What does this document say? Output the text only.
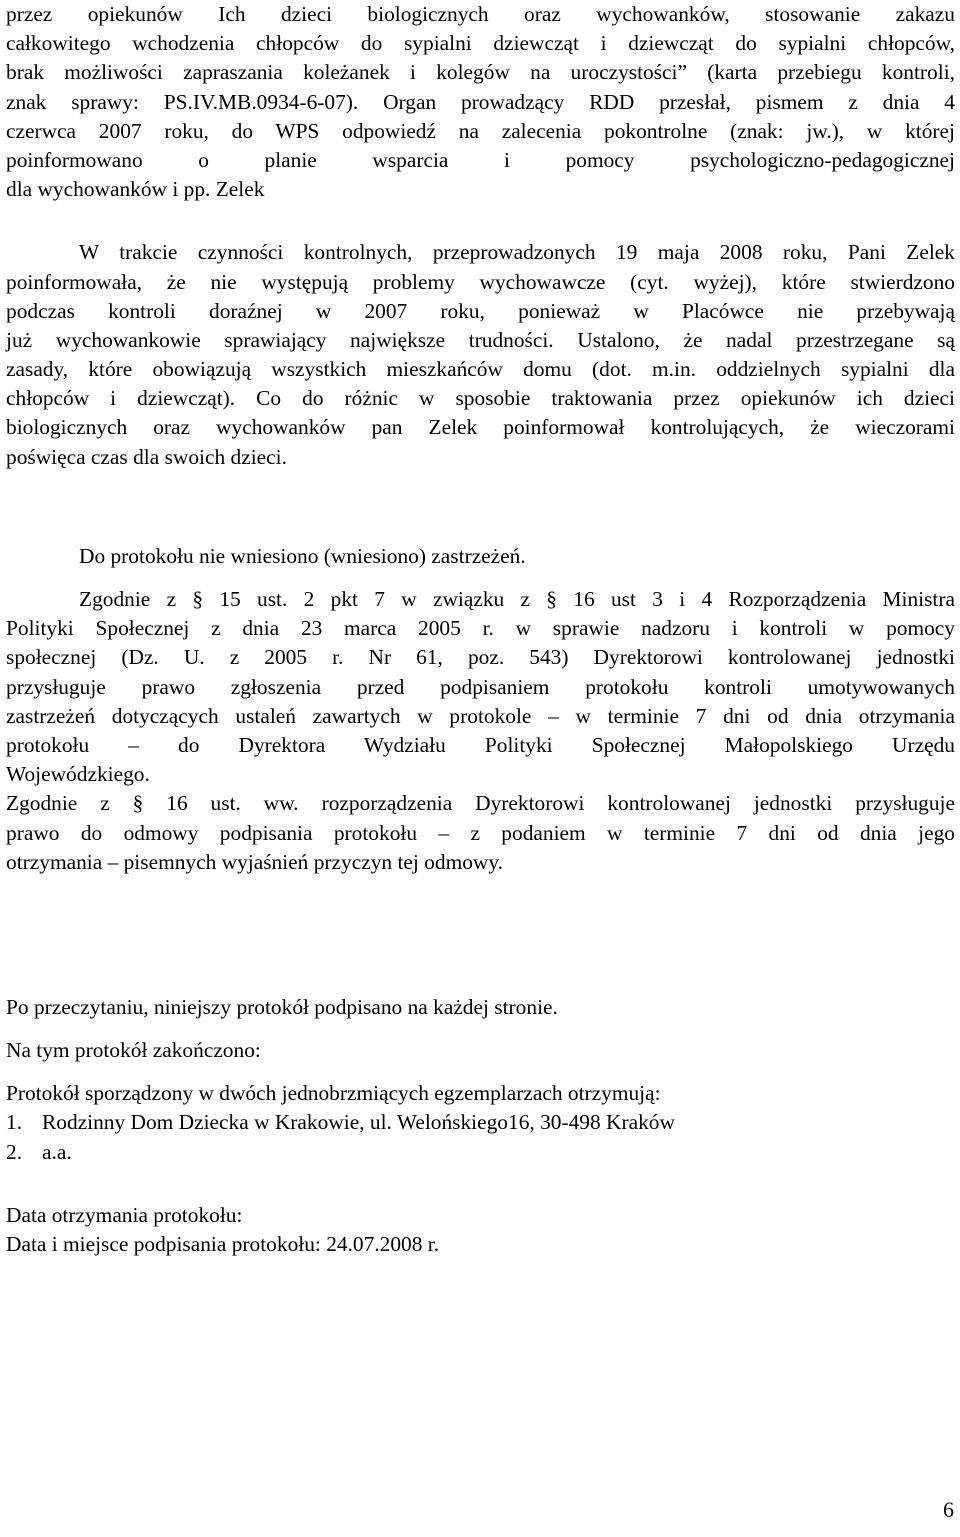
przez opiekunów Ich dzieci biologicznych oraz wychowanków, stosowanie zakazu
całkowitego wchodzenia chłopców do sypialni dziewcząt i dziewcząt do sypialni chłopców,
brak możliwości zapraszania koleżanek i kolegów na uroczystości” (karta przebiegu kontroli,
znak sprawy: PS.IV.MB.0934-6-07). Organ prowadzący RDD przesłał, pismem z dnia 4
czerwca 2007 roku, do WPS odpowiedź na zalecenia pokontrolne (znak: jw.), w której
poinformowano o planie wsparcia i pomocy psychologiczno-pedagogicznej
dla wychowanków i pp. Zelek
W trakcie czynności kontrolnych, przeprowadzonych 19 maja 2008 roku, Pani Zelek
poinformowała, że nie występują problemy wychowawcze (cyt. wyżej), które stwierdzono
podczas kontroli doraźnej w 2007 roku, ponieważ w Placówce nie przebywają
już wychowankowie sprawiający największe trudności. Ustalono, że nadal przestrzegane są
zasady, które obowiązują wszystkich mieszkańców domu (dot. m.in. oddzielnych sypialni dla
chłopców i dziewcząt). Co do różnic w sposobie traktowania przez opiekunów ich dzieci
biologicznych oraz wychowanków pan Zelek poinformował kontrolujących, że wieczorami
poświęca czas dla swoich dzieci.
Do protokołu nie wniesiono (wniesiono) zastrzeżeń.
Zgodnie z § 15 ust. 2 pkt 7 w związku z § 16 ust 3 i 4 Rozporządzenia Ministra
Polityki Społecznej z dnia 23 marca 2005 r. w sprawie nadzoru i kontroli w pomocy
społecznej (Dz. U. z 2005 r. Nr 61, poz. 543) Dyrektorowi kontrolowanej jednostki
przysługuje prawo zgłoszenia przed podpisaniem protokołu kontroli umotywowanych
zastrzeżeń dotyczących ustaleń zawartych w protokole – w terminie 7 dni od dnia otrzymania
protokołu – do Dyrektora Wydziału Polityki Społecznej Małopolskiego Urzędu
Wojewódzkiego.
Zgodnie z § 16 ust. ww. rozporządzenia Dyrektorowi kontrolowanej jednostki przysługuje
prawo do odmowy podpisania protokołu – z podaniem w terminie 7 dni od dnia jego
otrzymania – pisemnych wyjaśnień przyczyn tej odmowy.
Po przeczytaniu, niniejszy protokół podpisano na każdej stronie.
Na tym protokół zakończono:
Protokół sporządzony w dwóch jednobrzmiących egzemplarzach otrzymują:
1. Rodzinny Dom Dziecka w Krakowie, ul. Welońskiego16, 30-498 Kraków
2. a.a.
Data otrzymania protokołu:
Data i miejsce podpisania protokołu: 24.07.2008 r.
6
